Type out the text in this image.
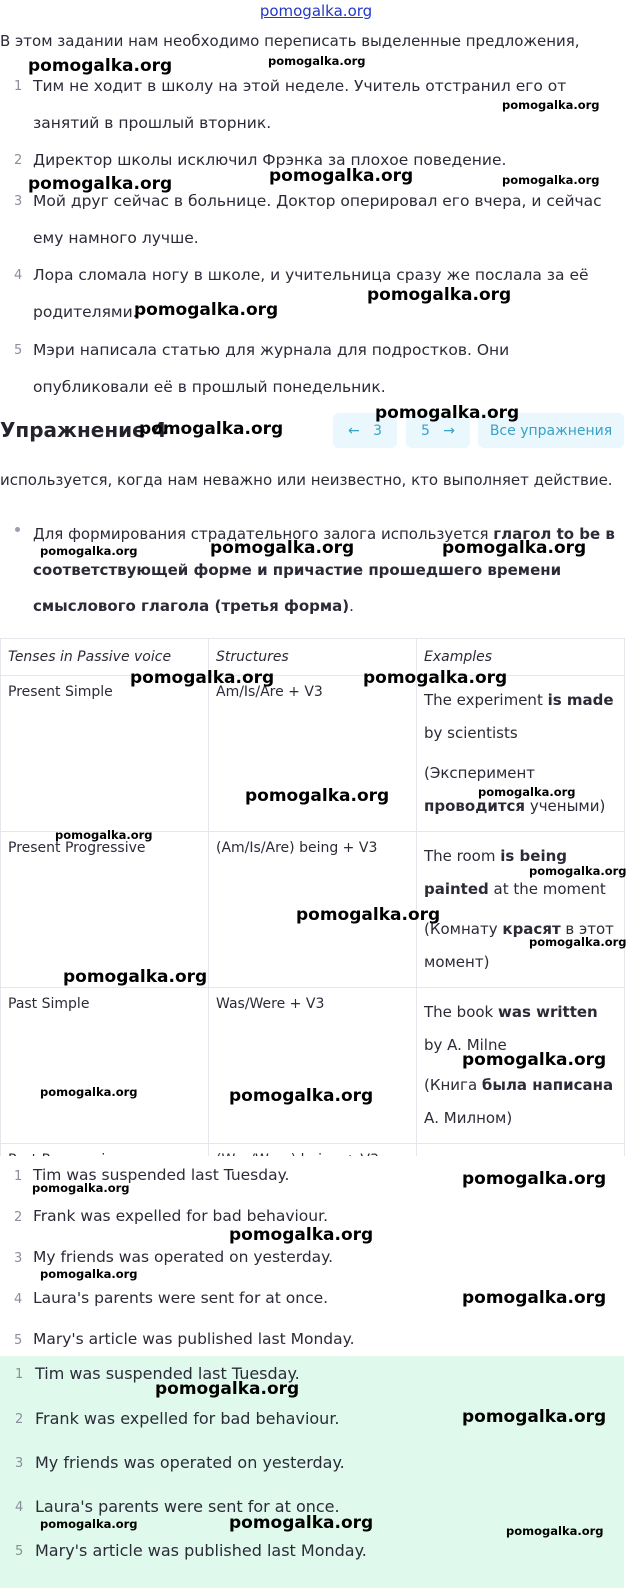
pomogalka.org
В этом задании нам необходимо переписать выделенные предложения,
1 Тим не ходит в школу на этой неделе. Учитель отстранил его от занятий в прошлый вторник.
2 Директор школы исключил Фрэнка за плохое поведение.
3 Мой друг сейчас в больнице. Доктор оперировал его вчера, и сейчас ему намного лучше.
4 Лора сломала ногу в школе, и учительница сразу же послала за её родителями.
5 Мэри написала статью для журнала для подростков. Они опубликовали её в прошлый понедельник.
Упражнение 4	←
3	5
→ Все упражнения
используется, когда нам неважно или неизвестно, кто выполняет действие.
Для формирования страдательного залога используется глагол to be в соответствующей форме и причастие прошедшего времени смыслового глагола (третья форма).
Tenses in Passive voice	Structures	Examples
Present Simple	Am/Is/Are + V3	The experiment is made by scientists

(Эксперимент проводится учеными)

Present Progressive	(Am/Is/Are) being + V3	The room is being painted at the moment

(Комнату красят в этот момент)

Past Simple	Was/Were + V3	The book was written by A. Milne

(Книга была написана А. Милном)

1 Tim was suspended last Tuesday.
2 Frank was expelled for bad behaviour.
3 My friends was operated on yesterday.
4 Laura's parents were sent for at once.
5 Mary's article was published last Monday.
1 Tim was suspended last Tuesday.
2 Frank was expelled for bad behaviour.
3 My friends was operated on yesterday.
4 Laura's parents were sent for at once.
5 Mary's article was published last Monday.
pomogalka.org	pomogalka.org
pomogalka.org
pomogalka.org	pomogalka.org	pomogalka.org
pomogalka.org
pomogalka.org
pomogalka.org
pomogalka.org
pomogalka.org	pomogalka.org	pomogalka.org
pomogalka.org	pomogalka.org
pomogalka.org
pomogalka.org
pomogalka.org
pomogalka.org
pomogalka.org
pomogalka.org
pomogalka.org
pomogalka.org
pomogalka.org	pomogalka.org
pomogalka.org
pomogalka.org
pomogalka.org
pomogalka.org
pomogalka.org
pomogalka.org
pomogalka.org
pomogalka.org	pomogalka.org	pomogalka.org
